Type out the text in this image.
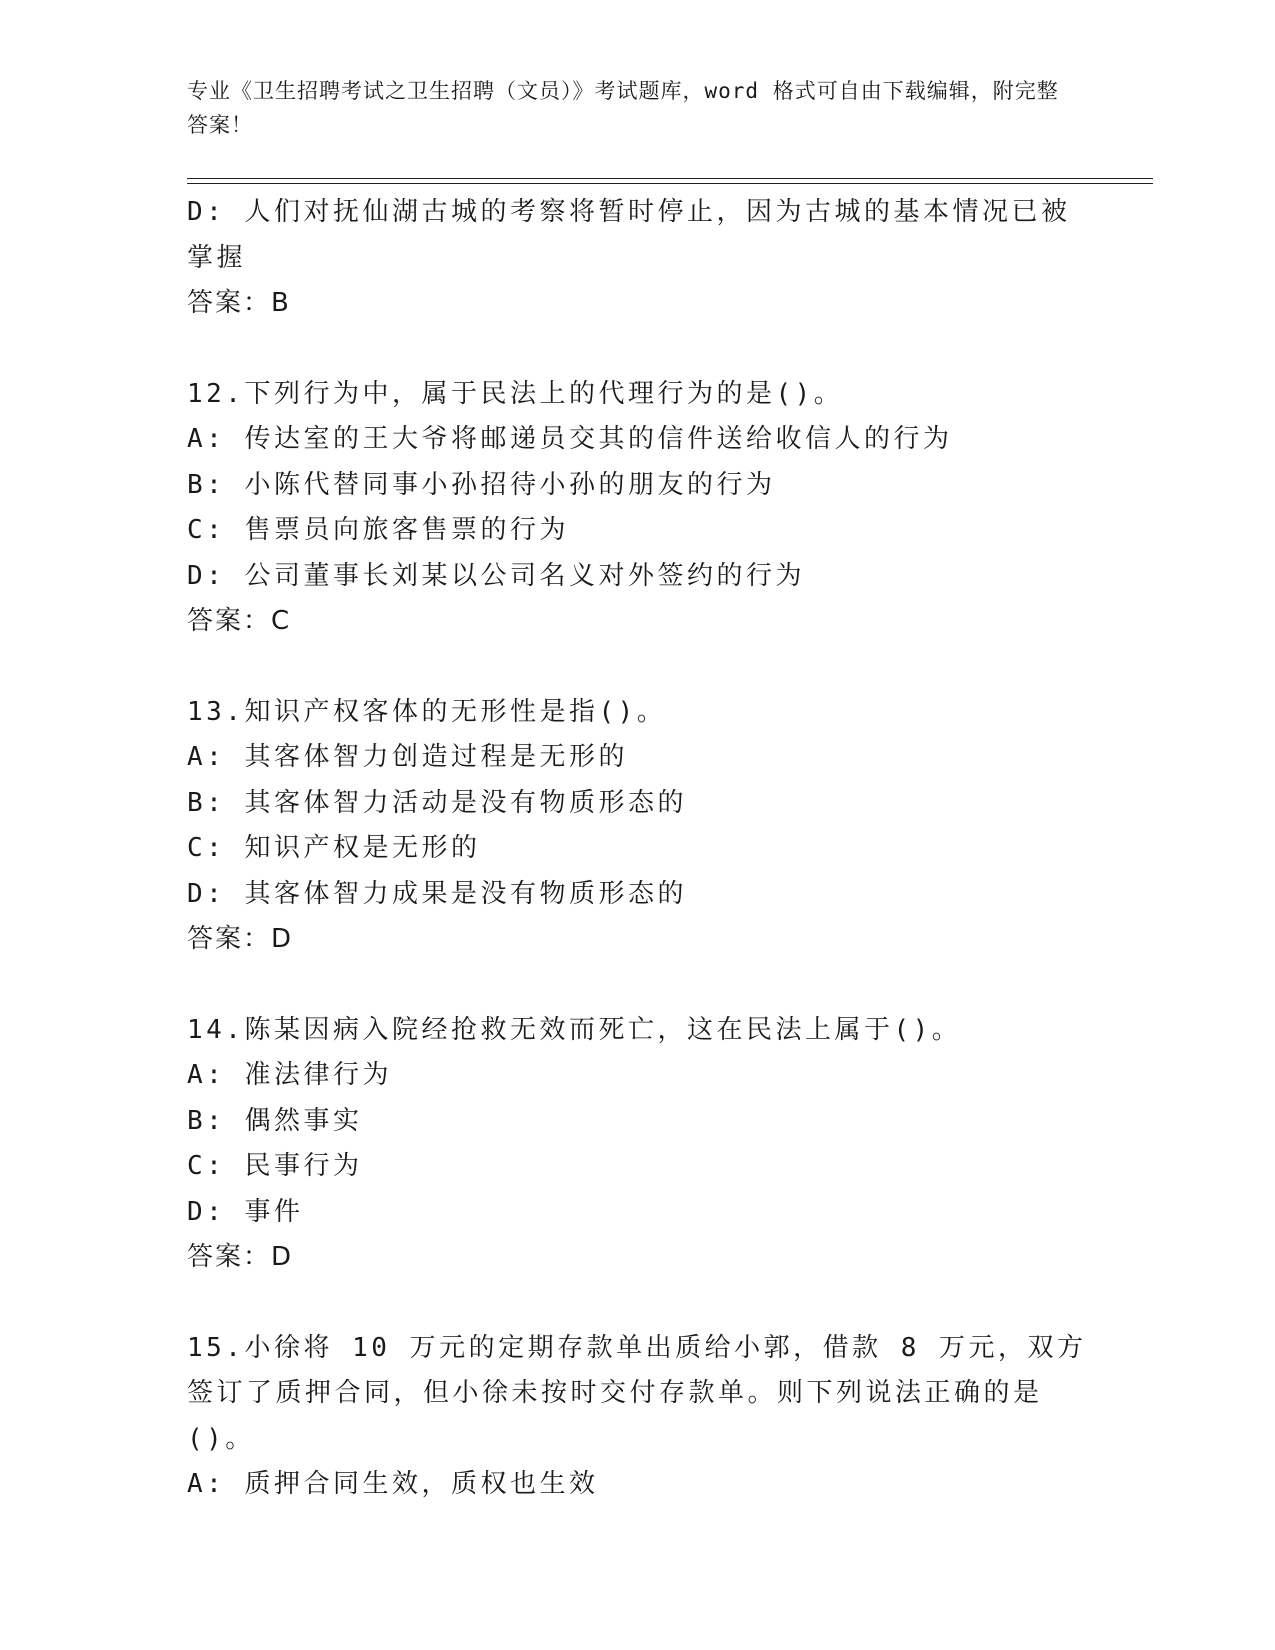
专业《卫生招聘考试之卫生招聘（文员）》考试题库，word 格式可自由下载编辑，附完整答案！
D: 人们对抚仙湖古城的考察将暂时停止，因为古城的基本情况已被掌握
答案：B
12.下列行为中，属于民法上的代理行为的是()。
A: 传达室的王大爷将邮递员交其的信件送给收信人的行为
B: 小陈代替同事小孙招待小孙的朋友的行为
C: 售票员向旅客售票的行为
D: 公司董事长刘某以公司名义对外签约的行为
答案：C
13.知识产权客体的无形性是指()。
A: 其客体智力创造过程是无形的
B: 其客体智力活动是没有物质形态的
C: 知识产权是无形的
D: 其客体智力成果是没有物质形态的
答案：D
14.陈某因病入院经抢救无效而死亡，这在民法上属于()。
A: 准法律行为
B: 偶然事实
C: 民事行为
D: 事件
答案：D
15.小徐将 10 万元的定期存款单出质给小郭，借款 8 万元，双方签订了质押合同，但小徐未按时交付存款单。则下列说法正确的是()。
A: 质押合同生效，质权也生效
